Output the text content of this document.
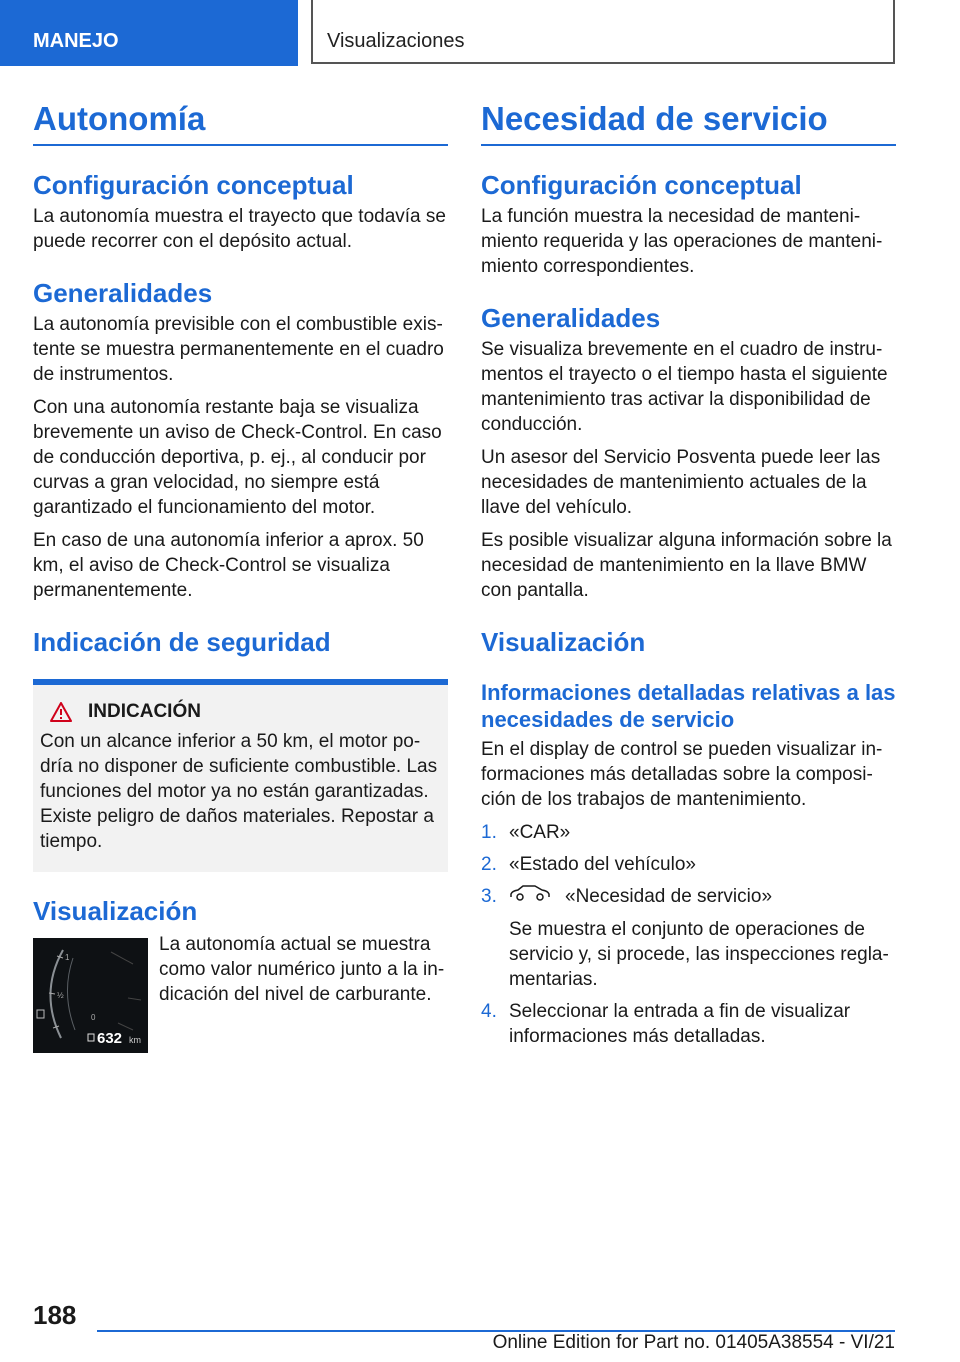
MANEJO	Visualizaciones
Autonomía
Configuración conceptual

La autonomía muestra el trayecto que todavía se puede recorrer con el depósito actual.

Generalidades

La autonomía previsible con el combustible existente se muestra permanentemente en el cuadro de instrumentos.

Con una autonomía restante baja se visualiza brevemente un aviso de Check-Control. En caso de conducción deportiva, p. ej., al conducir por curvas a gran velocidad, no siempre está garantizado el funcionamiento del motor.

En caso de una autonomía inferior a aprox. 50 km, el aviso de Check-Control se visualiza permanentemente.

Indicación de seguridad
INDICACIÓN

Con un alcance inferior a 50 km, el motor podría no disponer de suficiente combustible. Las funciones del motor ya no están garantizadas. Existe peligro de daños materiales. Repostar a tiempo.

Visualización
1
½
0
632 km

La autonomía actual se muestra como valor numérico junto a la indicación del nivel de carburante.

Necesidad de servicio
Configuración conceptual

La función muestra la necesidad de mantenimiento requerida y las operaciones de mantenimiento correspondientes.

Generalidades

Se visualiza brevemente en el cuadro de instrumentos el trayecto o el tiempo hasta el siguiente mantenimiento tras activar la disponibilidad de conducción.

Un asesor del Servicio Posventa puede leer las necesidades de mantenimiento actuales de la llave del vehículo.

Es posible visualizar alguna información sobre la necesidad de mantenimiento en la llave BMW con pantalla.

Visualización
Informaciones detalladas relativas a las necesidades de servicio

En el display de control se pueden visualizar informaciones más detalladas sobre la composición de los trabajos de mantenimiento.

1. «CAR»
2. «Estado del vehículo»
3.	«Necesidad de servicio»
Se muestra el conjunto de operaciones de servicio y, si procede, las inspecciones reglamentarias.
4. Seleccionar la entrada a fin de visualizar informaciones más detalladas.
188
Online Edition for Part no. 01405A38554 - VI/21
